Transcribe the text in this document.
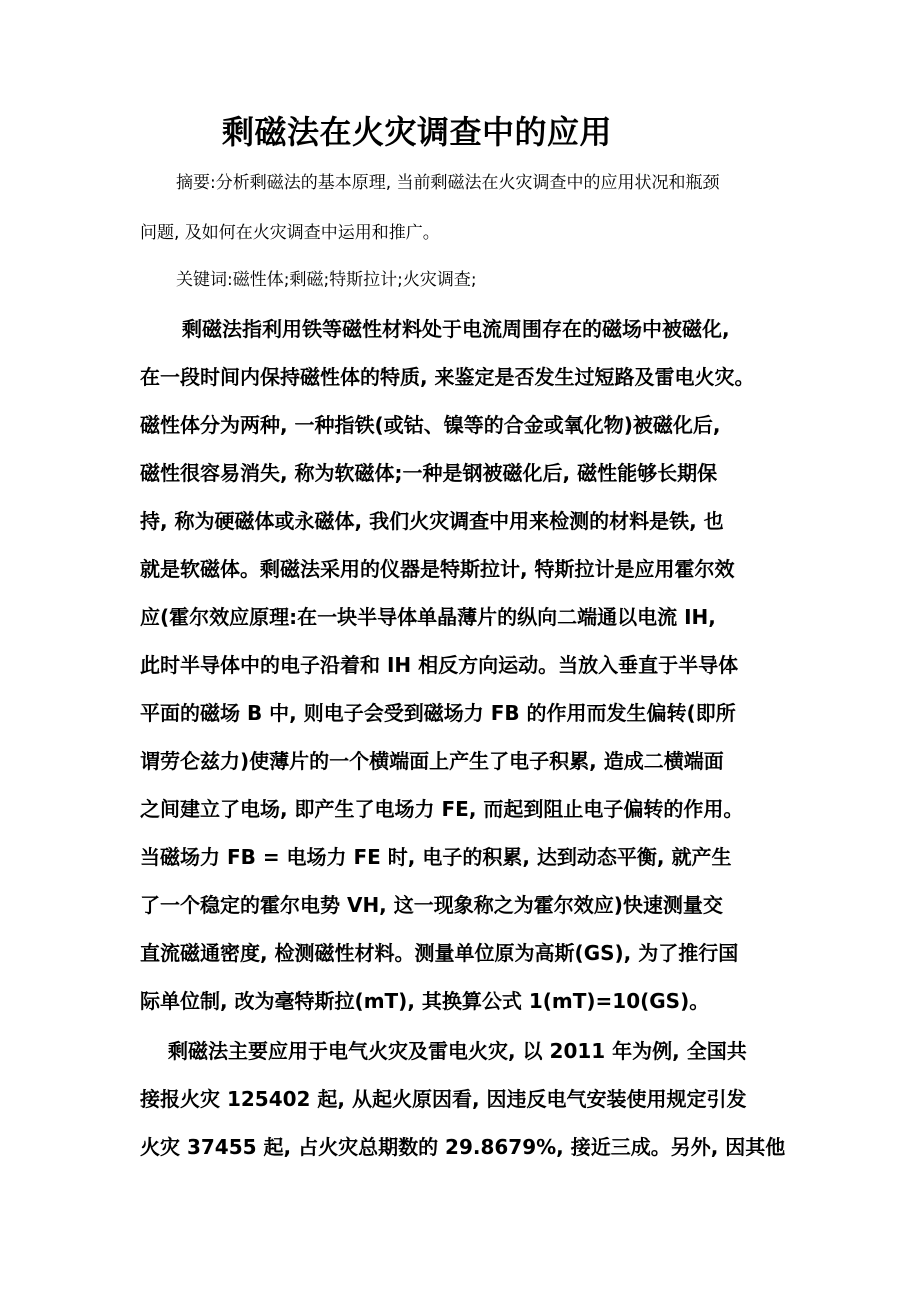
剩磁法在火灾调查中的应用
摘要:分析剩磁法的基本原理, 当前剩磁法在火灾调查中的应用状况和瓶颈
问题, 及如何在火灾调查中运用和推广。
关键词:磁性体;剩磁;特斯拉计;火灾调查;
剩磁法指利用铁等磁性材料处于电流周围存在的磁场中被磁化,
在一段时间内保持磁性体的特质, 来鉴定是否发生过短路及雷电火灾。
磁性体分为两种, 一种指铁(或钴、镍等的合金或氧化物)被磁化后,
磁性很容易消失, 称为软磁体;一种是钢被磁化后, 磁性能够长期保
持, 称为硬磁体或永磁体, 我们火灾调查中用来检测的材料是铁, 也
就是软磁体。剩磁法采用的仪器是特斯拉计, 特斯拉计是应用霍尔效
应(霍尔效应原理:在一块半导体单晶薄片的纵向二端通以电流 IH,
此时半导体中的电子沿着和 IH 相反方向运动。当放入垂直于半导体
平面的磁场 B 中, 则电子会受到磁场力 FB 的作用而发生偏转(即所
谓劳仑兹力)使薄片的一个横端面上产生了电子积累, 造成二横端面
之间建立了电场, 即产生了电场力 FE, 而起到阻止电子偏转的作用。
当磁场力 FB = 电场力 FE 时, 电子的积累, 达到动态平衡, 就产生
了一个稳定的霍尔电势 VH, 这一现象称之为霍尔效应)快速测量交
直流磁通密度, 检测磁性材料。测量单位原为高斯(GS), 为了推行国
际单位制, 改为毫特斯拉(mT), 其换算公式 1(mT)=10(GS)。
剩磁法主要应用于电气火灾及雷电火灾, 以 2011 年为例, 全国共
接报火灾 125402 起, 从起火原因看, 因违反电气安装使用规定引发
火灾 37455 起, 占火灾总期数的 29.8679%, 接近三成。另外, 因其他
